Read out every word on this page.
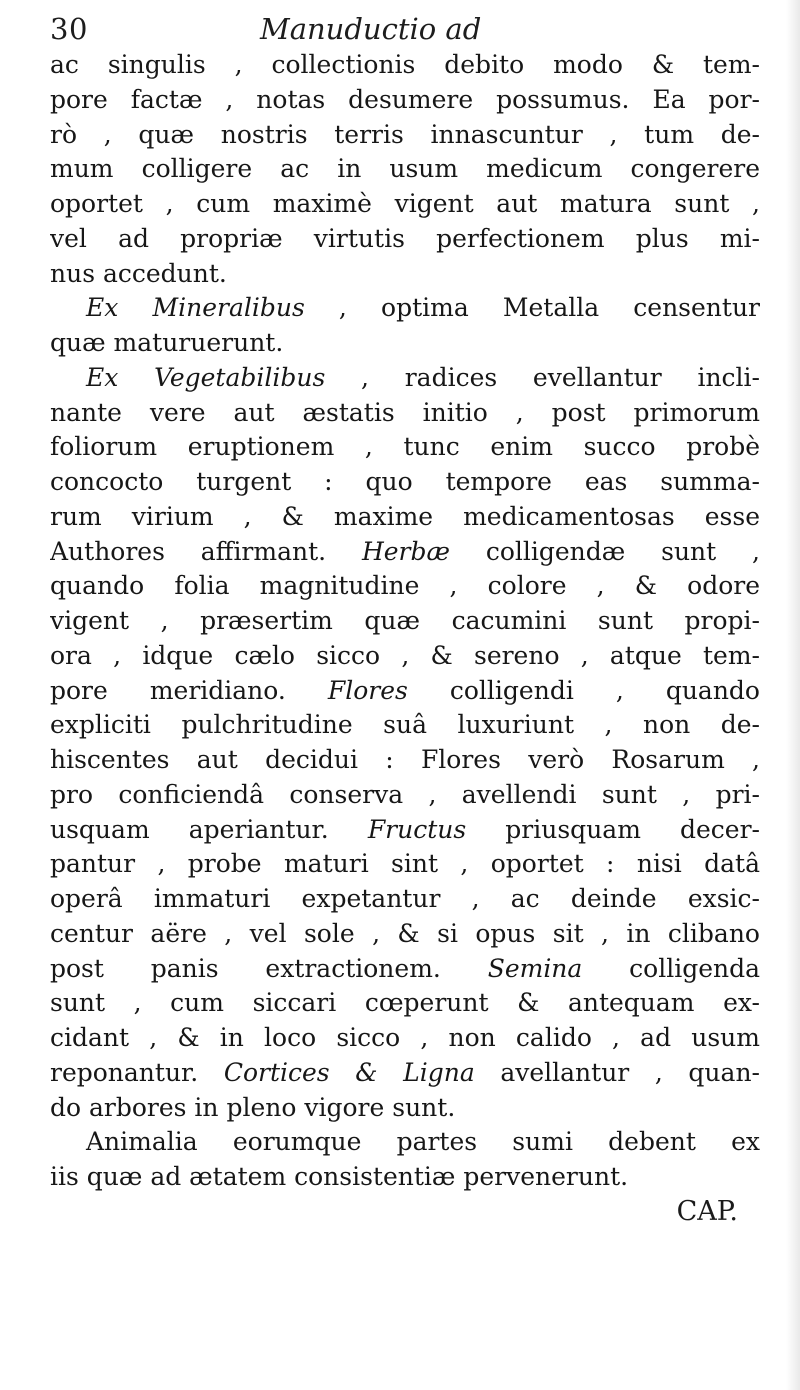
30	Manuductio ad
ac singulis , collectionis debito modo & tem-
pore factæ , notas desumere possumus. Ea por-
rò , quæ nostris terris innascuntur , tum de-
mum colligere ac in usum medicum congerere
oportet , cum maximè vigent aut matura sunt ,
vel ad propriæ virtutis perfectionem plus mi-
nus accedunt.
Ex Mineralibus , optima Metalla censentur
quæ maturuerunt.
Ex Vegetabilibus , radices evellantur incli-
nante vere aut æstatis initio , post primorum
foliorum eruptionem , tunc enim succo probè
concocto turgent : quo tempore eas summa-
rum virium , & maxime medicamentosas esse
Authores affirmant. Herbæ colligendæ sunt ,
quando folia magnitudine , colore , & odore
vigent , præsertim quæ cacumini sunt propi-
ora , idque cælo sicco , & sereno , atque tem-
pore meridiano. Flores colligendi , quando
expliciti pulchritudine suâ luxuriunt , non de-
hiscentes aut decidui : Flores verò Rosarum ,
pro conficiendâ conserva , avellendi sunt , pri-
usquam aperiantur. Fructus priusquam decer-
pantur , probe maturi sint , oportet : nisi datâ
operâ immaturi expetantur , ac deinde exsic-
centur aëre , vel sole , & si opus sit , in clibano
post panis extractionem. Semina colligenda
sunt , cum siccari cœperunt & antequam ex-
cidant , & in loco sicco , non calido , ad usum
reponantur. Cortices & Ligna avellantur , quan-
do arbores in pleno vigore sunt.
Animalia eorumque partes sumi debent ex
iis quæ ad ætatem consistentiæ pervenerunt.
CAP.
